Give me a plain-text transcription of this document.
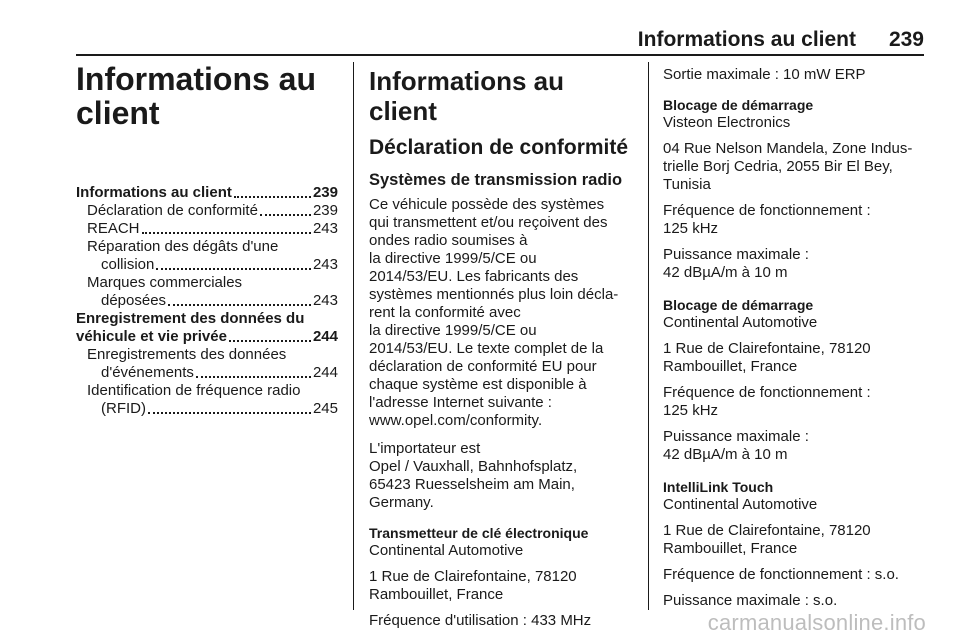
Informations au client 239
Informations au
client
Informations au client	239
Déclaration de conformité	239
REACH	243
Réparation des dégâts d'une
collision	243
Marques commerciales
déposées	243
Enregistrement des données du
véhicule et vie privée	244
Enregistrements des données
d'événements	244
Identification de fréquence radio
(RFID)	245
Informations au client
Déclaration de conformité
Systèmes de transmission radio
Ce véhicule possède des systèmes
qui transmettent et/ou reçoivent des
ondes radio soumises à
la directive 1999/5/CE ou
2014/53/EU. Les fabricants des
systèmes mentionnés plus loin décla-
rent la conformité avec
la directive 1999/5/CE ou
2014/53/EU. Le texte complet de la
déclaration de conformité EU pour
chaque système est disponible à
l'adresse Internet suivante :
www.opel.com/conformity.
L'importateur est
Opel / Vauxhall, Bahnhofsplatz,
65423 Ruesselsheim am Main,
Germany.
Transmetteur de clé électronique
Continental Automotive
1 Rue de Clairefontaine, 78120
Rambouillet, France
Fréquence d'utilisation : 433 MHz
Sortie maximale : 10 mW ERP
Blocage de démarrage
Visteon Electronics
04 Rue Nelson Mandela, Zone Indus-
trielle Borj Cedria, 2055 Bir El Bey,
Tunisia
Fréquence de fonctionnement :
125 kHz
Puissance maximale :
42 dBµA/m à 10 m
Blocage de démarrage
Continental Automotive
1 Rue de Clairefontaine, 78120
Rambouillet, France
Fréquence de fonctionnement :
125 kHz
Puissance maximale :
42 dBµA/m à 10 m
IntelliLink Touch
Continental Automotive
1 Rue de Clairefontaine, 78120
Rambouillet, France
Fréquence de fonctionnement : s.o.
Puissance maximale : s.o.
carmanualsonline.info
